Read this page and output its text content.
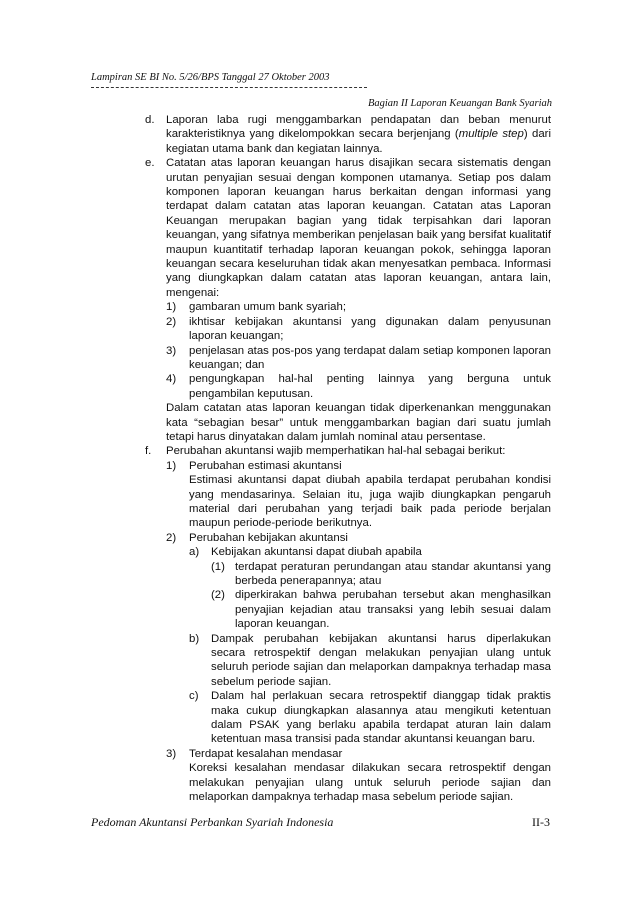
Lampiran SE BI No. 5/26/BPS Tanggal 27 Oktober 2003
Bagian II Laporan Keuangan Bank Syariah
d. Laporan laba rugi menggambarkan pendapatan dan beban menurut karakteristiknya yang dikelompokkan secara berjenjang (multiple step) dari kegiatan utama bank dan kegiatan lainnya.
e. Catatan atas laporan keuangan harus disajikan secara sistematis dengan urutan penyajian sesuai dengan komponen utamanya. Setiap pos dalam komponen laporan keuangan harus berkaitan dengan informasi yang terdapat dalam catatan atas laporan keuangan. Catatan atas Laporan Keuangan merupakan bagian yang tidak terpisahkan dari laporan keuangan, yang sifatnya memberikan penjelasan baik yang bersifat kualitatif maupun kuantitatif terhadap laporan keuangan pokok, sehingga laporan keuangan secara keseluruhan tidak akan menyesatkan pembaca. Informasi yang diungkapkan dalam catatan atas laporan keuangan, antara lain, mengenai:
1) gambaran umum bank syariah;
2) ikhtisar kebijakan akuntansi yang digunakan dalam penyusunan laporan keuangan;
3) penjelasan atas pos-pos yang terdapat dalam setiap komponen laporan keuangan; dan
4) pengungkapan hal-hal penting lainnya yang berguna untuk pengambilan keputusan.
Dalam catatan atas laporan keuangan tidak diperkenankan menggunakan kata “sebagian besar” untuk menggambarkan bagian dari suatu jumlah tetapi harus dinyatakan dalam jumlah nominal atau persentase.
f. Perubahan akuntansi wajib memperhatikan hal-hal sebagai berikut:
1) Perubahan estimasi akuntansi
Estimasi akuntansi dapat diubah apabila terdapat perubahan kondisi yang mendasarinya. Selaian itu, juga wajib diungkapkan pengaruh material dari perubahan yang terjadi baik pada periode berjalan maupun periode-periode berikutnya.
2) Perubahan kebijakan akuntansi
a) Kebijakan akuntansi dapat diubah apabila
(1) terdapat peraturan perundangan atau standar akuntansi yang berbeda penerapannya; atau
(2) diperkirakan bahwa perubahan tersebut akan menghasilkan penyajian kejadian atau transaksi yang lebih sesuai dalam laporan keuangan.
b) Dampak perubahan kebijakan akuntansi harus diperlakukan secara retrospektif dengan melakukan penyajian ulang untuk seluruh periode sajian dan melaporkan dampaknya terhadap masa sebelum periode sajian.
c) Dalam hal perlakuan secara retrospektif dianggap tidak praktis maka cukup diungkapkan alasannya atau mengikuti ketentuan dalam PSAK yang berlaku apabila terdapat aturan lain dalam ketentuan masa transisi pada standar akuntansi keuangan baru.
3) Terdapat kesalahan mendasar
Koreksi kesalahan mendasar dilakukan secara retrospektif dengan melakukan penyajian ulang untuk seluruh periode sajian dan melaporkan dampaknya terhadap masa sebelum periode sajian.
Pedoman Akuntansi Perbankan Syariah Indonesia	II-3
